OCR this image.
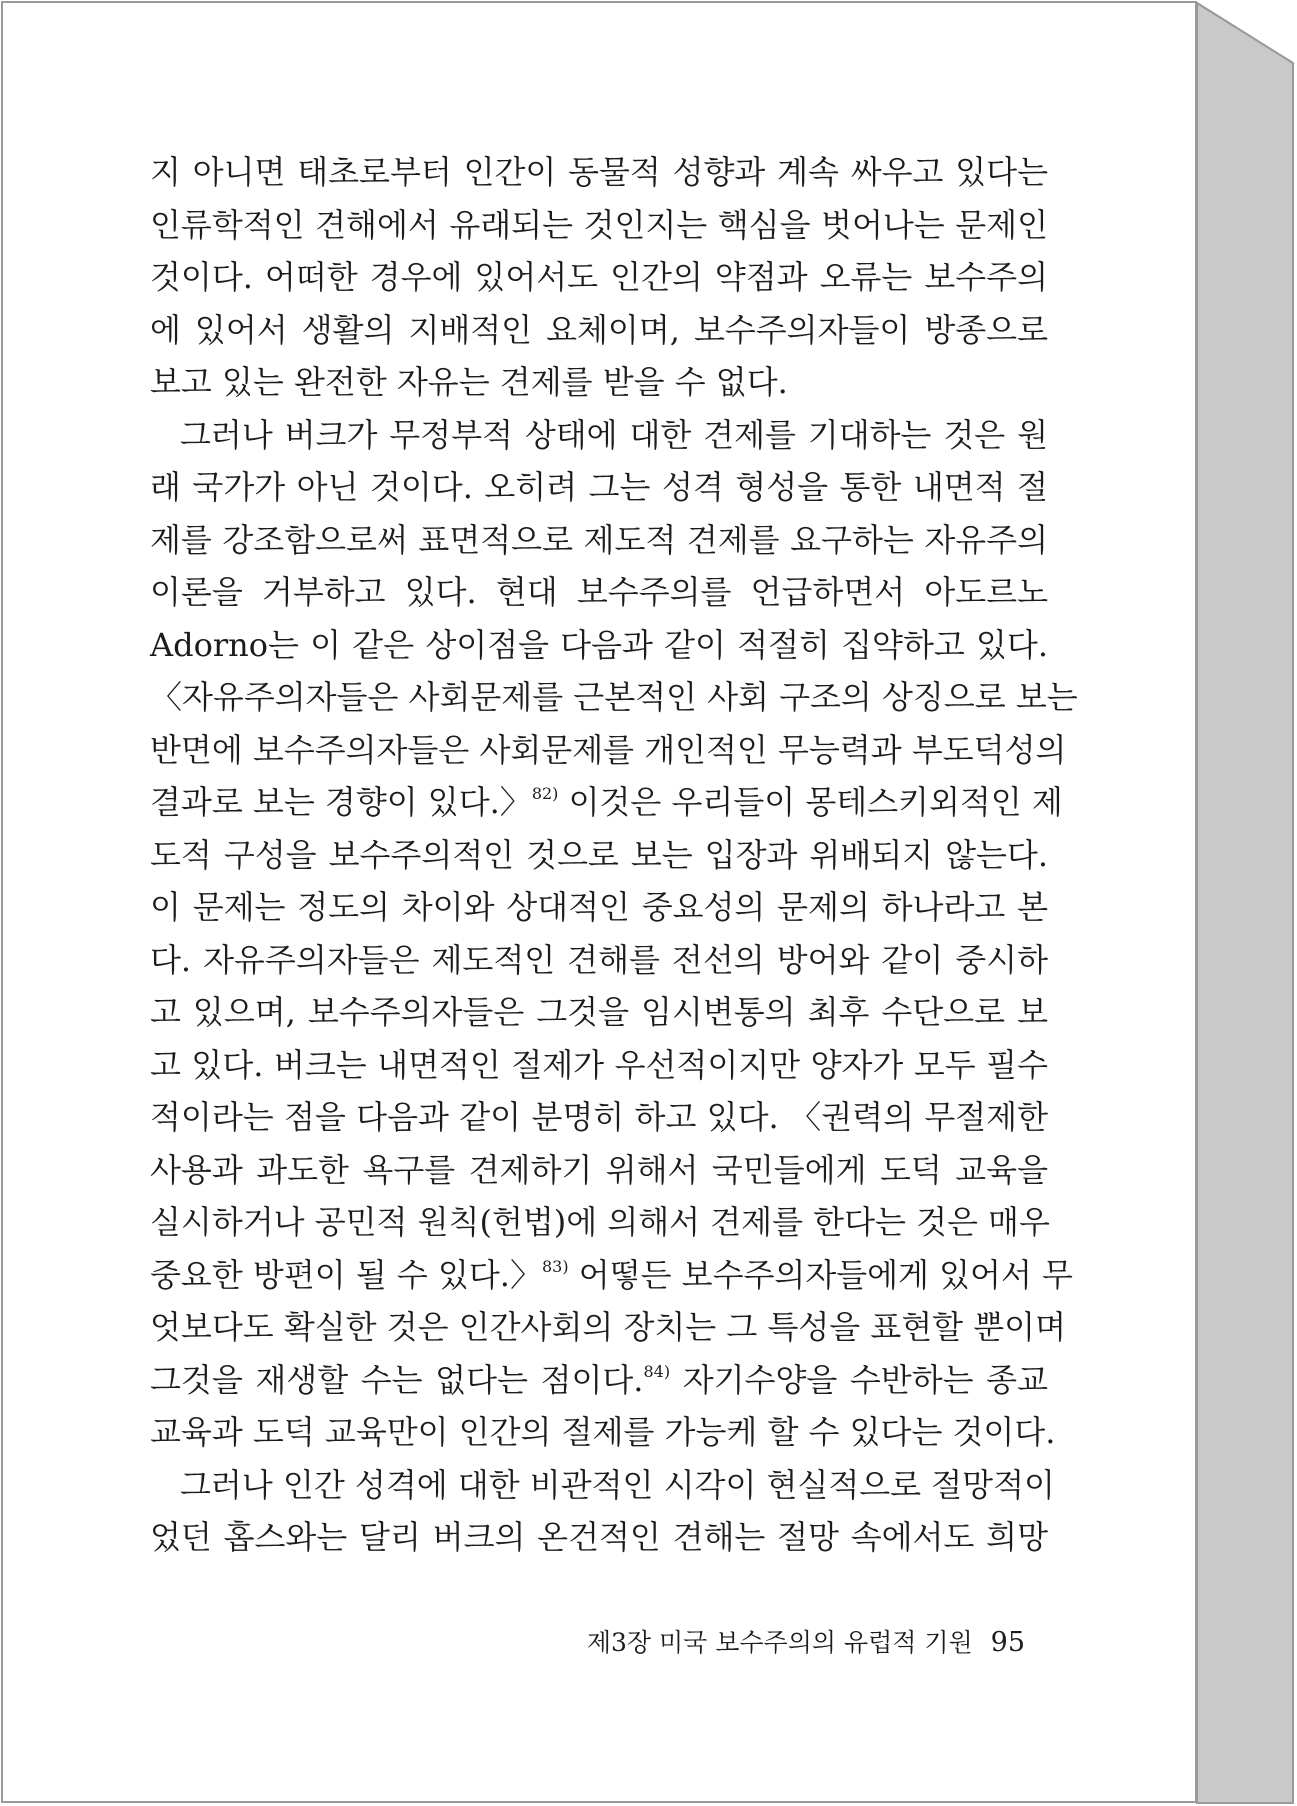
지 아니면 태초로부터 인간이 동물적 성향과 계속 싸우고 있다는
인류학적인 견해에서 유래되는 것인지는 핵심을 벗어나는 문제인
것이다. 어떠한 경우에 있어서도 인간의 약점과 오류는 보수주의
에 있어서 생활의 지배적인 요체이며, 보수주의자들이 방종으로
보고 있는 완전한 자유는 견제를 받을 수 없다.
그러나 버크가 무정부적 상태에 대한 견제를 기대하는 것은 원
래 국가가 아닌 것이다. 오히려 그는 성격 형성을 통한 내면적 절
제를 강조함으로써 표면적으로 제도적 견제를 요구하는 자유주의
이론을 거부하고 있다. 현대 보수주의를 언급하면서 아도르노
Adorno는 이 같은 상이점을 다음과 같이 적절히 집약하고 있다.
〈자유주의자들은 사회문제를 근본적인 사회 구조의 상징으로 보는
반면에 보수주의자들은 사회문제를 개인적인 무능력과 부도덕성의
결과로 보는 경향이 있다.〉$^{82)}$ 이것은 우리들이 몽테스키외적인 제
도적 구성을 보수주의적인 것으로 보는 입장과 위배되지 않는다.
이 문제는 정도의 차이와 상대적인 중요성의 문제의 하나라고 본
다. 자유주의자들은 제도적인 견해를 전선의 방어와 같이 중시하
고 있으며, 보수주의자들은 그것을 임시변통의 최후 수단으로 보
고 있다. 버크는 내면적인 절제가 우선적이지만 양자가 모두 필수
적이라는 점을 다음과 같이 분명히 하고 있다. 〈권력의 무절제한
사용과 과도한 욕구를 견제하기 위해서 국민들에게 도덕 교육을
실시하거나 공민적 원칙(헌법)에 의해서 견제를 한다는 것은 매우
중요한 방편이 될 수 있다.〉$^{83)}$ 어떻든 보수주의자들에게 있어서 무
엇보다도 확실한 것은 인간사회의 장치는 그 특성을 표현할 뿐이며
그것을 재생할 수는 없다는 점이다.$^{84)}$ 자기수양을 수반하는 종교
교육과 도덕 교육만이 인간의 절제를 가능케 할 수 있다는 것이다.
그러나 인간 성격에 대한 비관적인 시각이 현실적으로 절망적이
었던 홉스와는 달리 버크의 온건적인 견해는 절망 속에서도 희망
제3장 미국 보수주의의 유럽적 기원 95
